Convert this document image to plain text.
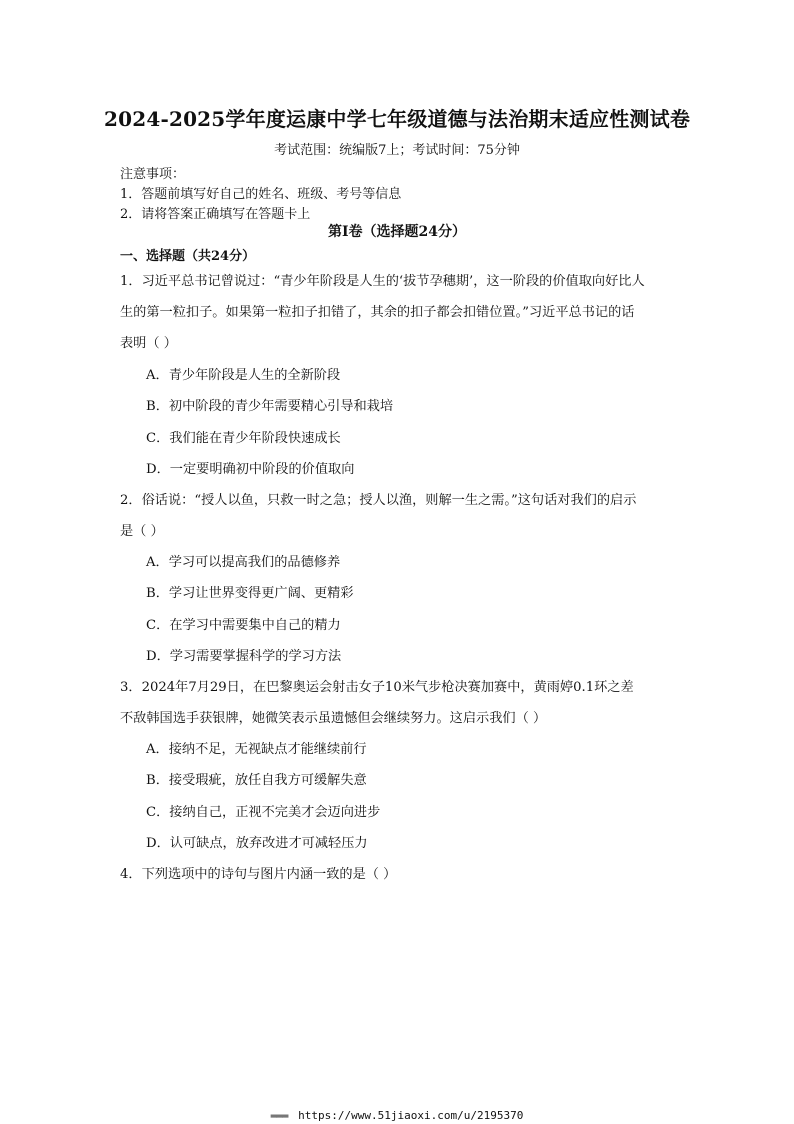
2024-2025学年度运康中学七年级道德与法治期末适应性测试卷
考试范围：统编版7上；考试时间：75分钟
注意事项：
1．答题前填写好自己的姓名、班级、考号等信息
2．请将答案正确填写在答题卡上
第I卷（选择题24分）
一、选择题（共24分）
1．习近平总书记曾说过：“青少年阶段是人生的‘拔节孕穗期’，这一阶段的价值取向好比人
生的第一粒扣子。如果第一粒扣子扣错了，其余的扣子都会扣错位置。”习近平总书记的话
表明（ ）
A．青少年阶段是人生的全新阶段
B．初中阶段的青少年需要精心引导和栽培
C．我们能在青少年阶段快速成长
D．一定要明确初中阶段的价值取向
2．俗话说：“授人以鱼，只救一时之急；授人以渔，则解一生之需。”这句话对我们的启示
是（ ）
A．学习可以提高我们的品德修养
B．学习让世界变得更广阔、更精彩
C．在学习中需要集中自己的精力
D．学习需要掌握科学的学习方法
3．2024年7月29日，在巴黎奥运会射击女子10米气步枪决赛加赛中，黄雨婷0.1环之差
不敌韩国选手获银牌，她微笑表示虽遗憾但会继续努力。这启示我们（ ）
A．接纳不足，无视缺点才能继续前行
B．接受瑕疵，放任自我方可缓解失意
C．接纳自己，正视不完美才会迈向进步
D．认可缺点，放弃改进才可减轻压力
4．下列选项中的诗句与图片内涵一致的是（ ）
▬▬▬ https://www.51jiaoxi.com/u/2195370
